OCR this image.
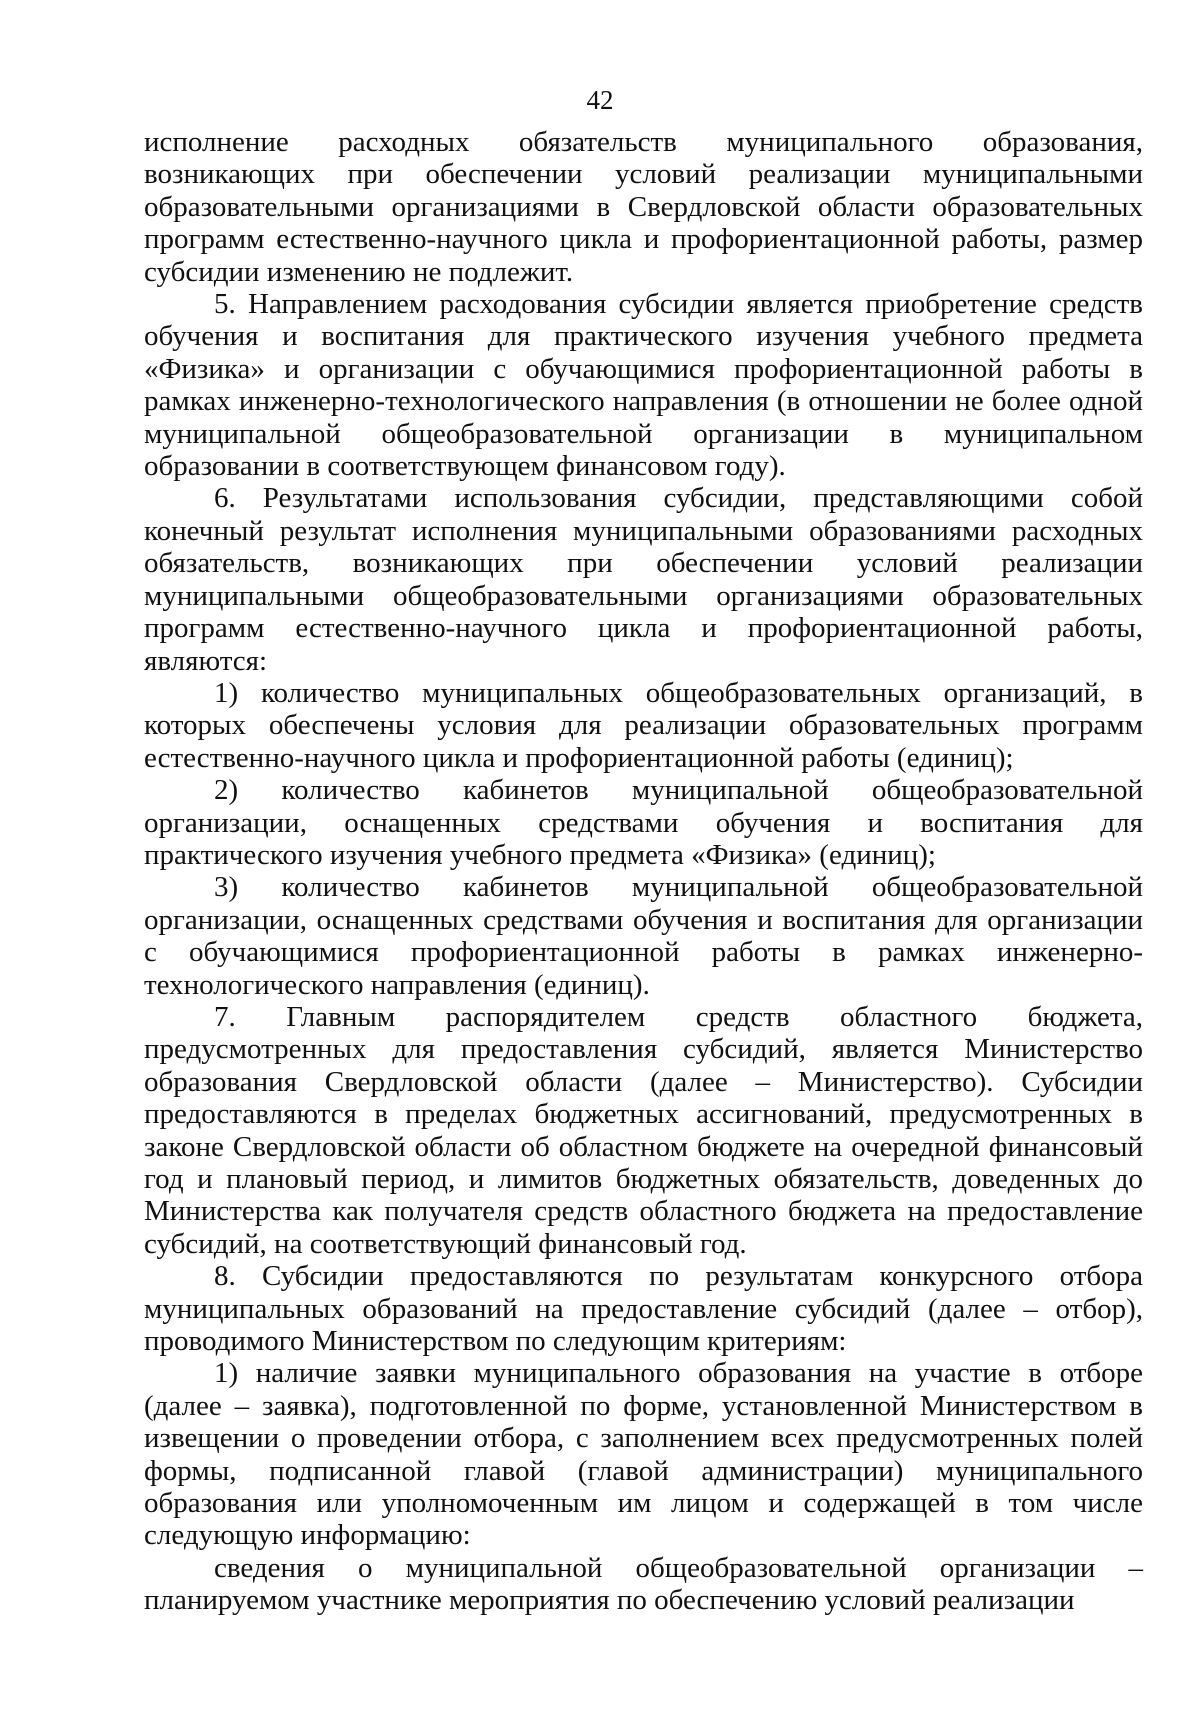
42

исполнение расходных обязательств муниципального образования, возникающих при обеспечении условий реализации муниципальными образовательными организациями в Свердловской области образовательных программ естественно-научного цикла и профориентационной работы, размер субсидии изменению не подлежит.

5. Направлением расходования субсидии является приобретение средств обучения и воспитания для практического изучения учебного предмета «Физика» и организации с обучающимися профориентационной работы в рамках инженерно-технологического направления (в отношении не более одной муниципальной общеобразовательной организации в муниципальном образовании в соответствующем финансовом году).

6. Результатами использования субсидии, представляющими собой конечный результат исполнения муниципальными образованиями расходных обязательств, возникающих при обеспечении условий реализации муниципальными общеобразовательными организациями образовательных программ естественно-научного цикла и профориентационной работы, являются:

1) количество муниципальных общеобразовательных организаций, в которых обеспечены условия для реализации образовательных программ естественно-научного цикла и профориентационной работы (единиц);

2) количество кабинетов муниципальной общеобразовательной организации, оснащенных средствами обучения и воспитания для практического изучения учебного предмета «Физика» (единиц);

3) количество кабинетов муниципальной общеобразовательной организации, оснащенных средствами обучения и воспитания для организации с обучающимися профориентационной работы в рамках инженерно-технологического направления (единиц).

7. Главным распорядителем средств областного бюджета, предусмотренных для предоставления субсидий, является Министерство образования Свердловской области (далее – Министерство). Субсидии предоставляются в пределах бюджетных ассигнований, предусмотренных в законе Свердловской области об областном бюджете на очередной финансовый год и плановый период, и лимитов бюджетных обязательств, доведенных до Министерства как получателя средств областного бюджета на предоставление субсидий, на соответствующий финансовый год.

8. Субсидии предоставляются по результатам конкурсного отбора муниципальных образований на предоставление субсидий (далее – отбор), проводимого Министерством по следующим критериям:

1) наличие заявки муниципального образования на участие в отборе (далее – заявка), подготовленной по форме, установленной Министерством в извещении о проведении отбора, с заполнением всех предусмотренных полей формы, подписанной главой (главой администрации) муниципального образования или уполномоченным им лицом и содержащей в том числе следующую информацию:

сведения о муниципальной общеобразовательной организации – планируемом участнике мероприятия по обеспечению условий реализации
